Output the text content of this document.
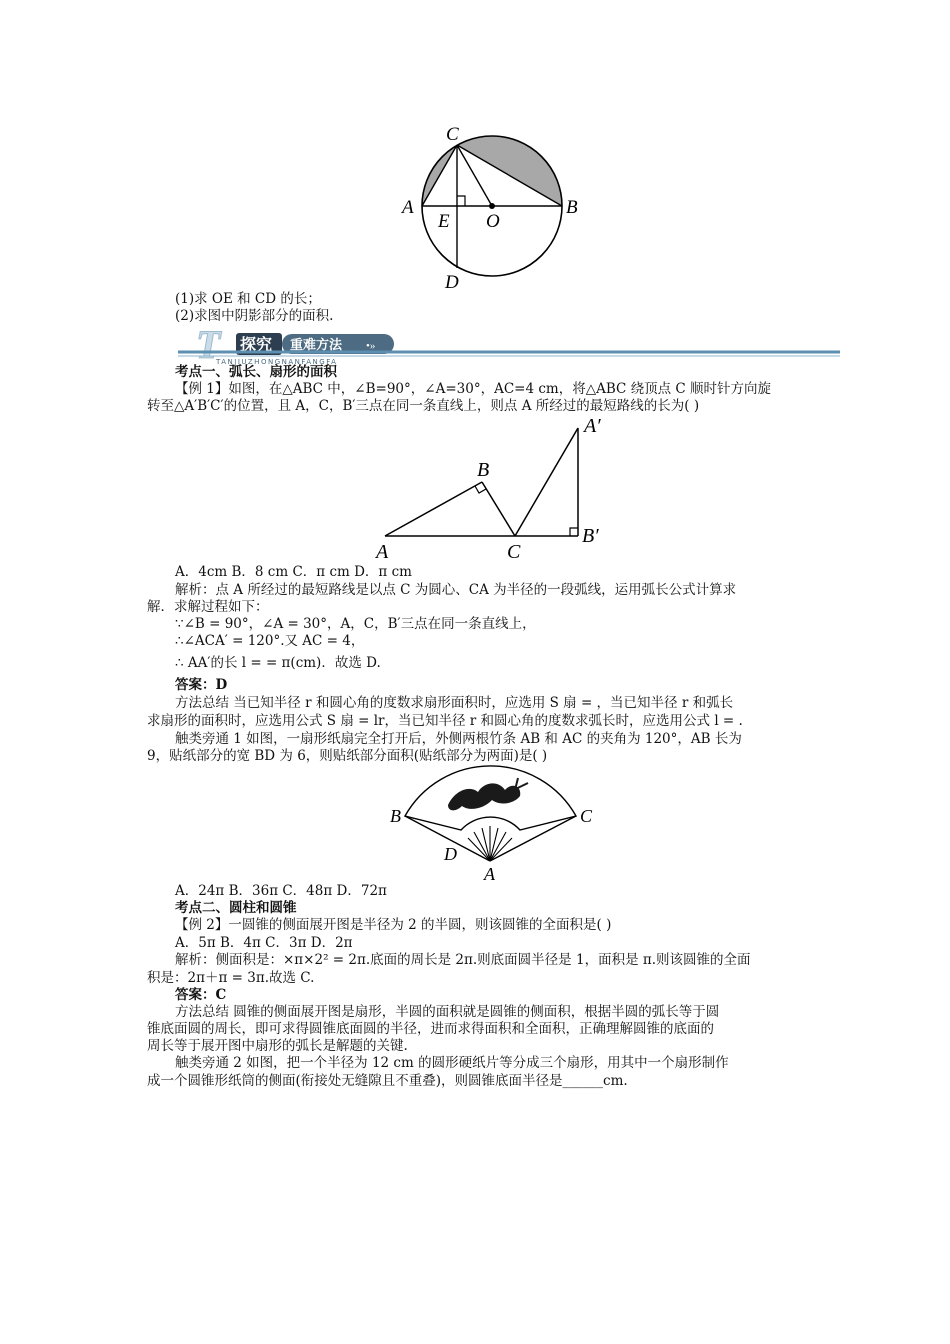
C
A	B
E O
D
(1)求 OE 和 CD 的长；
(2)求图中阴影部分的面积.
T 探究 重难方法 •»
TANJIUZHONGNANFANGFA
考点一、弧长、扇形的面积
【例 1】如图，在△ABC 中，∠B=90°，∠A=30°，AC=4 cm，将△ABC 绕顶点 C 顺时针方向旋
转至△A′B′C′的位置，且 A，C，B′三点在同一条直线上，则点 A 所经过的最短路线的长为( )
A
B
C
A′
B′
A．4cm B．8 cm C．π cm D．π cm
解析：点 A 所经过的最短路线是以点 C 为圆心、CA 为半径的一段弧线，运用弧长公式计算求
解．求解过程如下：
∵∠B = 90°，∠A = 30°，A，C，B′三点在同一条直线上，
∴∠ACA′ = 120°.又 AC = 4，
∴ AA′的长 l = = π(cm)．故选 D.
答案：D
方法总结 当已知半径 r 和圆心角的度数求扇形面积时，应选用 S 扇 = ，当已知半径 r 和弧长
求扇形的面积时，应选用公式 S 扇 = lr，当已知半径 r 和圆心角的度数求弧长时，应选用公式 l = .
触类旁通 1 如图，一扇形纸扇完全打开后，外侧两根竹条 AB 和 AC 的夹角为 120°，AB 长为
9，贴纸部分的宽 BD 为 6，则贴纸部分面积(贴纸部分为两面)是( )
B	C
D
A
A．24π B．36π C．48π D．72π
考点二、圆柱和圆锥
【例 2】一圆锥的侧面展开图是半径为 2 的半圆，则该圆锥的全面积是( )
A．5π B．4π C．3π D．2π
解析：侧面积是：×π×2² = 2π.底面的周长是 2π.则底面圆半径是 1，面积是 π.则该圆锥的全面
积是：2π＋π = 3π.故选 C.
答案：C
方法总结 圆锥的侧面展开图是扇形，半圆的面积就是圆锥的侧面积，根据半圆的弧长等于圆
锥底面圆的周长，即可求得圆锥底面圆的半径，进而求得面积和全面积，正确理解圆锥的底面的
周长等于展开图中扇形的弧长是解题的关键.
触类旁通 2 如图，把一个半径为 12 cm 的圆形硬纸片等分成三个扇形，用其中一个扇形制作
成一个圆锥形纸筒的侧面(衔接处无缝隙且不重叠)，则圆锥底面半径是______cm.
